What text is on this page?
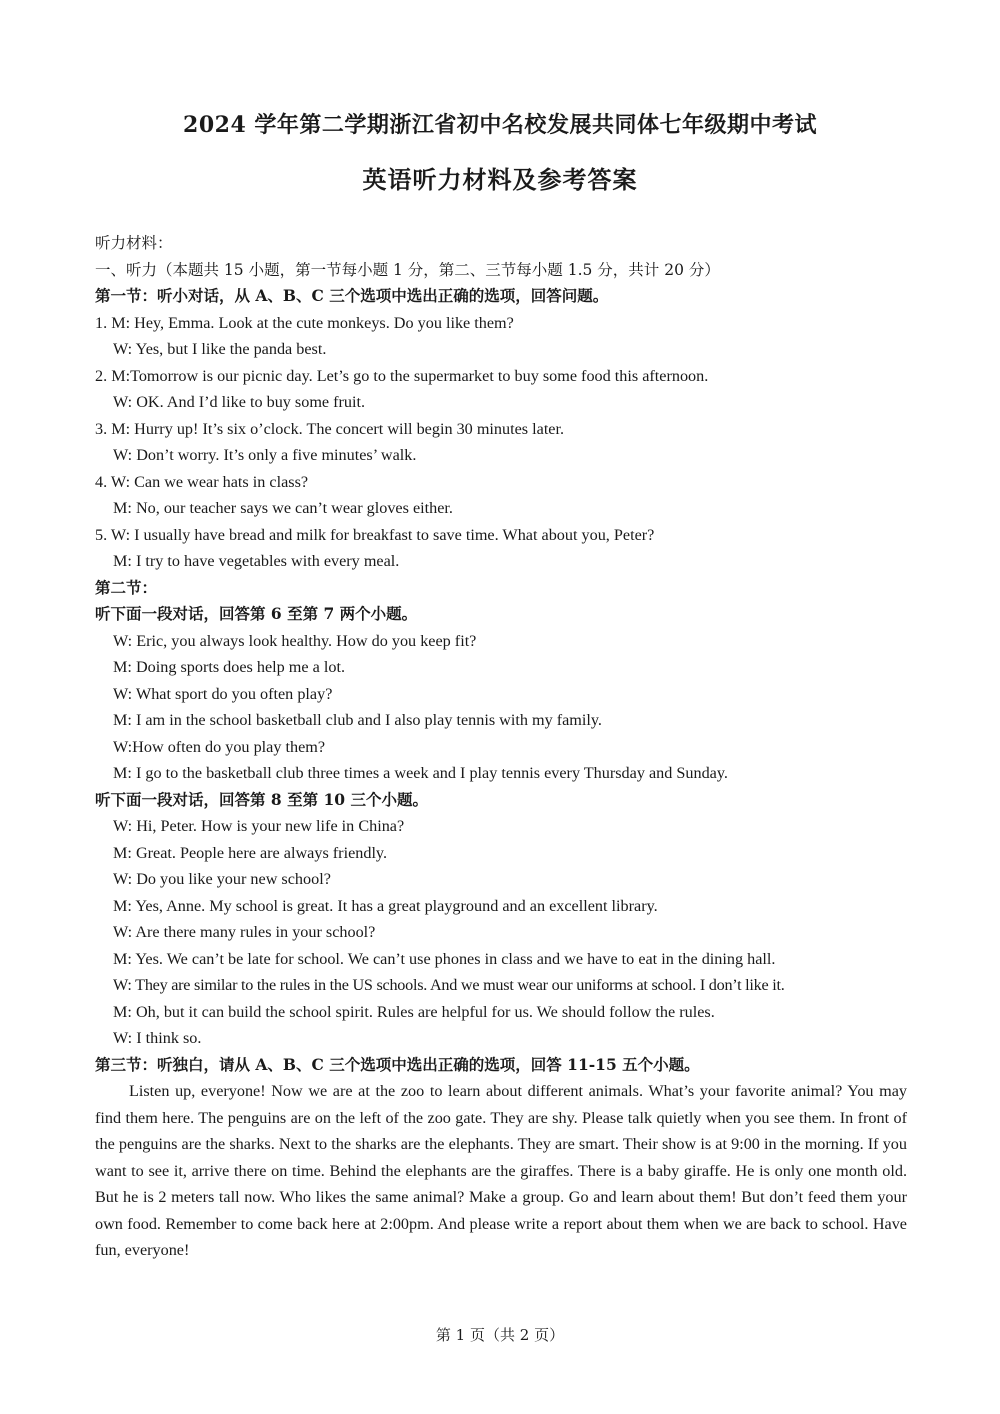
2024 学年第二学期浙江省初中名校发展共同体七年级期中考试
英语听力材料及参考答案
听力材料：
一、听力（本题共 15 小题，第一节每小题 1 分，第二、三节每小题 1.5 分，共计 20 分）
第一节：听小对话，从 A、B、C 三个选项中选出正确的选项，回答问题。
1. M: Hey, Emma. Look at the cute monkeys. Do you like them?
W: Yes, but I like the panda best.
2. M:Tomorrow is our picnic day. Let’s go to the supermarket to buy some food this afternoon.
W: OK. And I’d like to buy some fruit.
3. M: Hurry up! It’s six o’clock. The concert will begin 30 minutes later.
W: Don’t worry. It’s only a five minutes’ walk.
4. W: Can we wear hats in class?
M: No, our teacher says we can’t wear gloves either.
5. W: I usually have bread and milk for breakfast to save time. What about you, Peter?
M: I try to have vegetables with every meal.
第二节：
听下面一段对话，回答第 6 至第 7 两个小题。
W: Eric, you always look healthy. How do you keep fit?
M: Doing sports does help me a lot.
W: What sport do you often play?
M: I am in the school basketball club and I also play tennis with my family.
W:How often do you play them?
M: I go to the basketball club three times a week and I play tennis every Thursday and Sunday.
听下面一段对话，回答第 8 至第 10 三个小题。
W: Hi, Peter. How is your new life in China?
M: Great. People here are always friendly.
W: Do you like your new school?
M: Yes, Anne. My school is great. It has a great playground and an excellent library.
W: Are there many rules in your school?
M: Yes. We can’t be late for school. We can’t use phones in class and we have to eat in the dining hall.
W: They are similar to the rules in the US schools. And we must wear our uniforms at school. I don’t like it.
M: Oh, but it can build the school spirit. Rules are helpful for us. We should follow the rules.
W: I think so.
第三节：听独白，请从 A、B、C 三个选项中选出正确的选项，回答 11-15 五个小题。
Listen up, everyone! Now we are at the zoo to learn about different animals. What’s your favorite animal? You may find them here. The penguins are on the left of the zoo gate. They are shy. Please talk quietly when you see them. In front of the penguins are the sharks. Next to the sharks are the elephants. They are smart. Their show is at 9:00 in the morning. If you want to see it, arrive there on time. Behind the elephants are the giraffes. There is a baby giraffe. He is only one month old. But he is 2 meters tall now. Who likes the same animal? Make a group. Go and learn about them! But don’t feed them your own food. Remember to come back here at 2:00pm. And please write a report about them when we are back to school. Have fun, everyone!
第 1 页（共 2 页）
